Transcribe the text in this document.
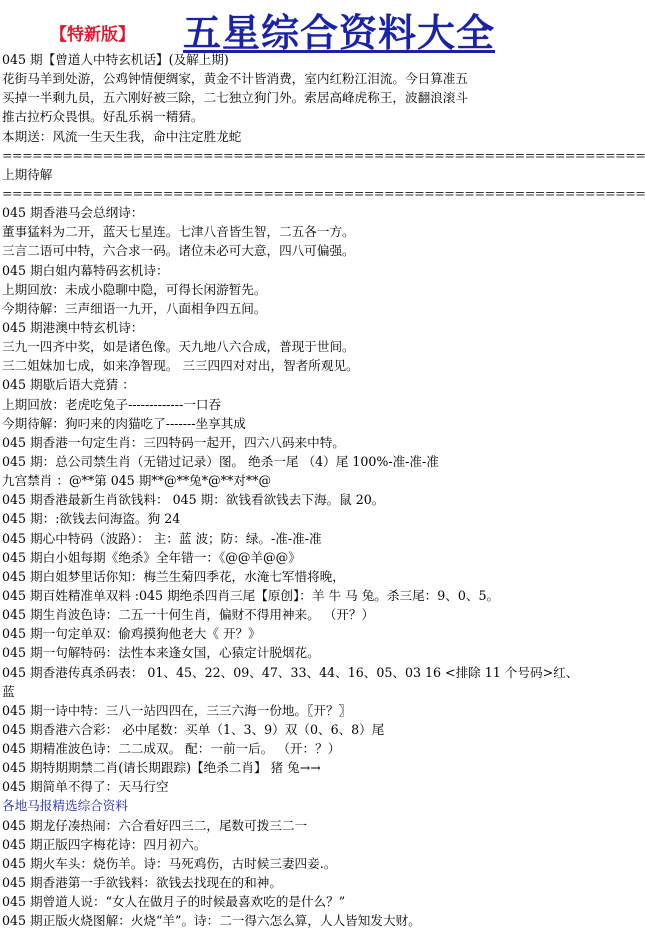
【特新版】 五星综合资料大全
045 期【曾道人中特玄机话】(及解上期)
花街马羊到处游，公鸡钟情便绸家，黄金不计皆消费，室内红粉江泪流。今日算准五
买掉一半剩九员，五六刚好被三除，二七独立狗门外。索居高峰虎称王，波翻浪滚斗
推古拉朽众畏惧。好乱乐祸一精猜。
本期送：风流一生天生我，命中注定胜龙蛇
================================================================
上期待解
================================================================
045 期香港马会总纲诗：
董事猛料为二开，蓝天七星连。七津八音皆生智，二五各一方。
三言二语可中特，六合求一码。诸位未必可大意，四八可偏强。
045 期白姐内幕特码玄机诗：
上期回放：未成小隐聊中隐，可得长闲游暂先。
今期待解：三声细语一九开，八面相争四五间。
045 期港澳中特玄机诗：
三九一四齐中奖，如是诸色像。天九地八六合成，普现于世间。
三二姐妹加七成，如来净智现。 三三四四对对出，智者所观见。
045 期歇后语大竞猜 ：
上期回放：老虎吃兔子-------------一口吞
今期待解：狗叼来的肉猫吃了-------坐享其成
045 期香港一句定生肖：三四特码一起开，四六八码来中特。
045 期：总公司禁生肖（无错过记录）图。 绝杀一尾 （4）尾 100%-准-准-准
九宫禁肖 ：@**第 045 期**@**兔*@**对**@
045 期香港最新生肖欲钱料： 045 期：欲钱看欲钱去下海。鼠 20。
045 期：:欲钱去问海盗。狗 24
045 期心中特码（波路）： 主：蓝 波；防：绿。-准-准-准
045 期白小姐每期《绝杀》全年错一：《@@羊@@》
045 期白姐梦里话你知：梅兰生菊四季花，水淹七军惜将晚，
045 期百姓精准单双料 :045 期绝杀四肖三尾【原创】：羊 牛 马 兔。杀三尾：9、0、5。
045 期生肖波色诗：二五一十何生肖，偏财不得用神来。 （开？）
045 期一句定单双：偷鸡摸狗他老大《 开？》
045 期一句解特码：法性本来逢女国，心猿定计脱烟花。
045 期香港传真杀码表： 01、45、22、09、47、33、44、16、05、03 16 <排除 11 个号码>红、
蓝
045 期一诗中特：三八一站四四在，三三六海一份地。〖开？〗
045 期香港六合彩： 必中尾数：买单（1、3、9）双（0、6、8）尾
045 期精准波色诗：二二成双。 配：一前一后。 （开：？）
045 期特期期禁二肖(请长期跟踪)【绝杀二肖】 猪 兔→→
045 期简单不得了：天马行空
各地马报精选综合资料
045 期龙仔凑热闹：六合看好四三二，尾数可拨三二一
045 期正版四字梅花诗：四月初六。
045 期火车头：烧伤羊。诗：马死鸡伤，古时候三妻四妾.。
045 期香港第一手欲钱料：欲钱去找现在的和神。
045 期曾道人说：“女人在做月子的时候最喜欢吃的是什么？”
045 期正版火烧图解：火烧“羊”。诗：二一得六怎么算，人人皆知发大财。
